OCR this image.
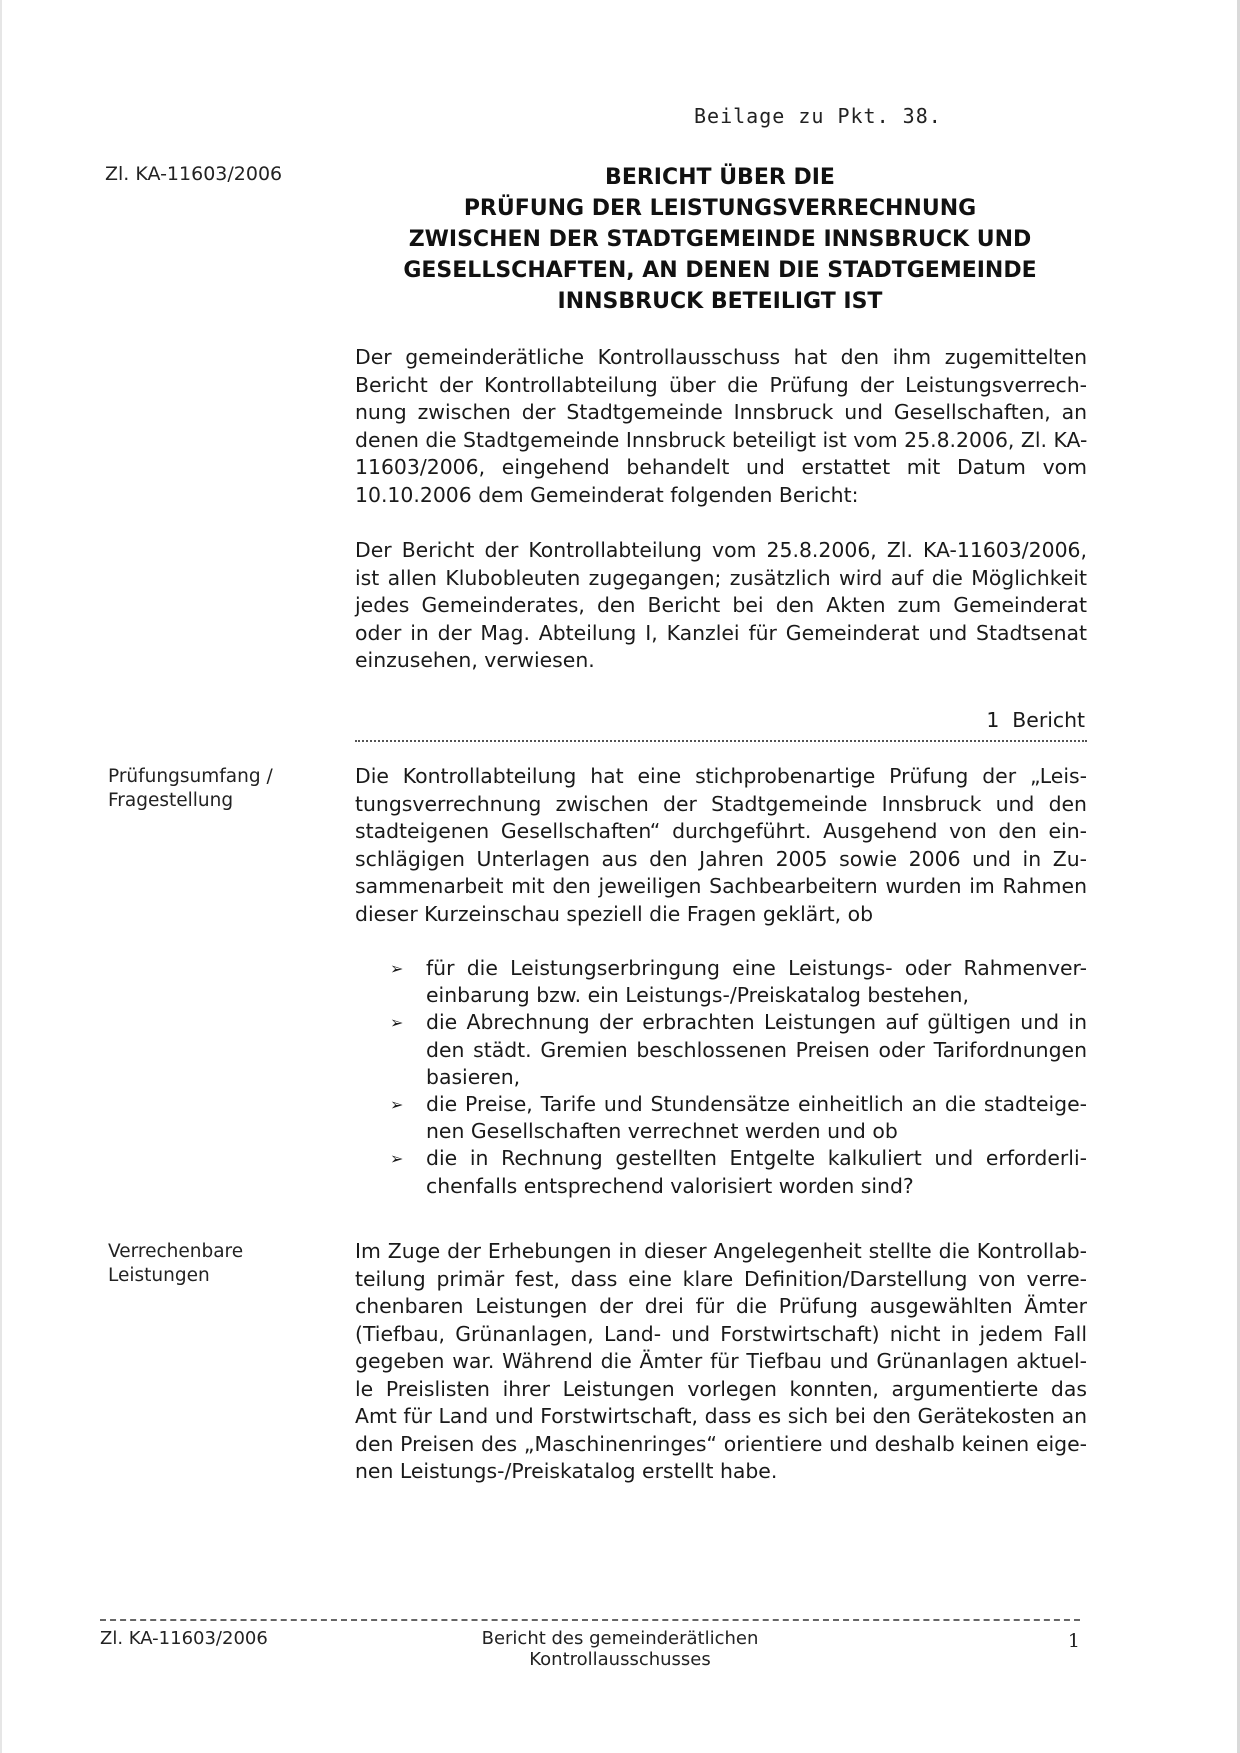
Beilage zu Pkt. 38.
Zl. KA-11603/2006	BERICHT ÜBER DIE
PRÜFUNG DER LEISTUNGSVERRECHNUNG
ZWISCHEN DER STADTGEMEINDE INNSBRUCK UND
GESELLSCHAFTEN, AN DENEN DIE STADTGEMEINDE
INNSBRUCK BETEILIGT IST
Der gemeinderätliche Kontrollausschuss hat den ihm zugemittelten
Bericht der Kontrollabteilung über die Prüfung der Leistungsverrech-
nung zwischen der Stadtgemeinde Innsbruck und Gesellschaften, an
denen die Stadtgemeinde Innsbruck beteiligt ist vom 25.8.2006, Zl. KA-
11603/2006, eingehend behandelt und erstattet mit Datum vom
10.10.2006 dem Gemeinderat folgenden Bericht:
Der Bericht der Kontrollabteilung vom 25.8.2006, Zl. KA-11603/2006,
ist allen Klubobleuten zugegangen; zusätzlich wird auf die Möglichkeit
jedes Gemeinderates, den Bericht bei den Akten zum Gemeinderat
oder in der Mag. Abteilung I, Kanzlei für Gemeinderat und Stadtsenat
einzusehen, verwiesen.
1 Bericht
Prüfungsumfang /
Fragestellung
Die Kontrollabteilung hat eine stichprobenartige Prüfung der „Leis-
tungsverrechnung zwischen der Stadtgemeinde Innsbruck und den
stadteigenen Gesellschaften“ durchgeführt. Ausgehend von den ein-
schlägigen Unterlagen aus den Jahren 2005 sowie 2006 und in Zu-
sammenarbeit mit den jeweiligen Sachbearbeitern wurden im Rahmen
dieser Kurzeinschau speziell die Fragen geklärt, ob
➢ für die Leistungserbringung eine Leistungs- oder Rahmenver-
einbarung bzw. ein Leistungs-/Preiskatalog bestehen,
➢ die Abrechnung der erbrachten Leistungen auf gültigen und in
den städt. Gremien beschlossenen Preisen oder Tarifordnungen
basieren,
➢ die Preise, Tarife und Stundensätze einheitlich an die stadteige-
nen Gesellschaften verrechnet werden und ob
➢ die in Rechnung gestellten Entgelte kalkuliert und erforderli-
chenfalls entsprechend valorisiert worden sind?
Verrechenbare
Leistungen
Im Zuge der Erhebungen in dieser Angelegenheit stellte die Kontrollab-
teilung primär fest, dass eine klare Definition/Darstellung von verre-
chenbaren Leistungen der drei für die Prüfung ausgewählten Ämter
(Tiefbau, Grünanlagen, Land- und Forstwirtschaft) nicht in jedem Fall
gegeben war. Während die Ämter für Tiefbau und Grünanlagen aktuel-
le Preislisten ihrer Leistungen vorlegen konnten, argumentierte das
Amt für Land und Forstwirtschaft, dass es sich bei den Gerätekosten an
den Preisen des „Maschinenringes“ orientiere und deshalb keinen eige-
nen Leistungs-/Preiskatalog erstellt habe.
Zl. KA-11603/2006	Bericht des gemeinderätlichen Kontrollausschusses
1
